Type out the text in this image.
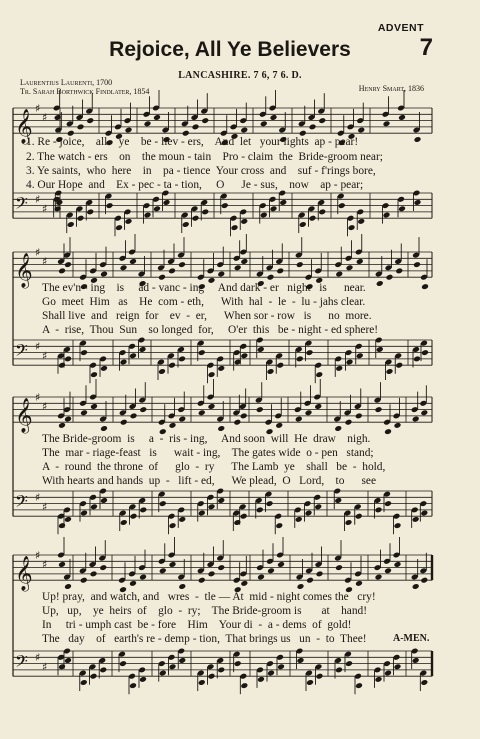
ADVENT
Rejoice, All Ye Believers	7
LANCASHIRE. 7 6, 7 6. D.
Laurentius Laurenti, 1700
Tr. Sarah Borthwick Findlater, 1854	Henry Smart, 1836
𝄞
♯
♯
𝄢 ♯
♯
𝄞
♯
♯
𝄢 ♯
♯
𝄞
♯
♯
𝄢 ♯
♯
𝄞
♯
♯
𝄢 ♯
♯
1. Re - joice,    all    ye    be - liev - ers,    And  let   your lights  ap - pear!
2. The watch - ers    on    the moun - tain    Pro - claim  the  Bride-groom near;
3. Ye saints,  who  here    in    pa - tience  Your cross  and    suf - f'rings bore,
4. Our Hope  and    Ex - pec - ta - tion,     O      Je - sus,    now    ap - pear;
The ev'n - ing    is     ad - vanc - ing     And dark - er   night   is      near.
Go  meet  Him   as    He  com - eth,      With  hal  -  le  -  lu - jahs clear.
Shall live  and   reign  for    ev  -  er,      When sor - row   is      no  more.
A  -  rise,  Thou  Sun    so longed  for,     O'er  this   be - night - ed sphere!
The Bride-groom  is     a  -  ris - ing,     And soon  will  He  draw    nigh.
The  mar - riage-feast   is      wait - ing,    The gates wide  o - pen   stand;
A  -  round  the throne  of      glo  -  ry      The Lamb  ye    shall   be  -  hold,
With hearts and hands  up  -   lift - ed,      We plead,  O   Lord,    to      see
Up! pray,  and watch, and   wres  -  tle — At  mid - night comes the   cry!
Up,   up,    ye  heirs  of    glo  -  ry;    The Bride-groom is       at    hand!
In     tri - umph cast  be - fore    Him    Your di  -  a - dems  of  gold!
The   day    of   earth's re - demp - tion,  That brings us   un  -  to  Thee!	A-MEN.
